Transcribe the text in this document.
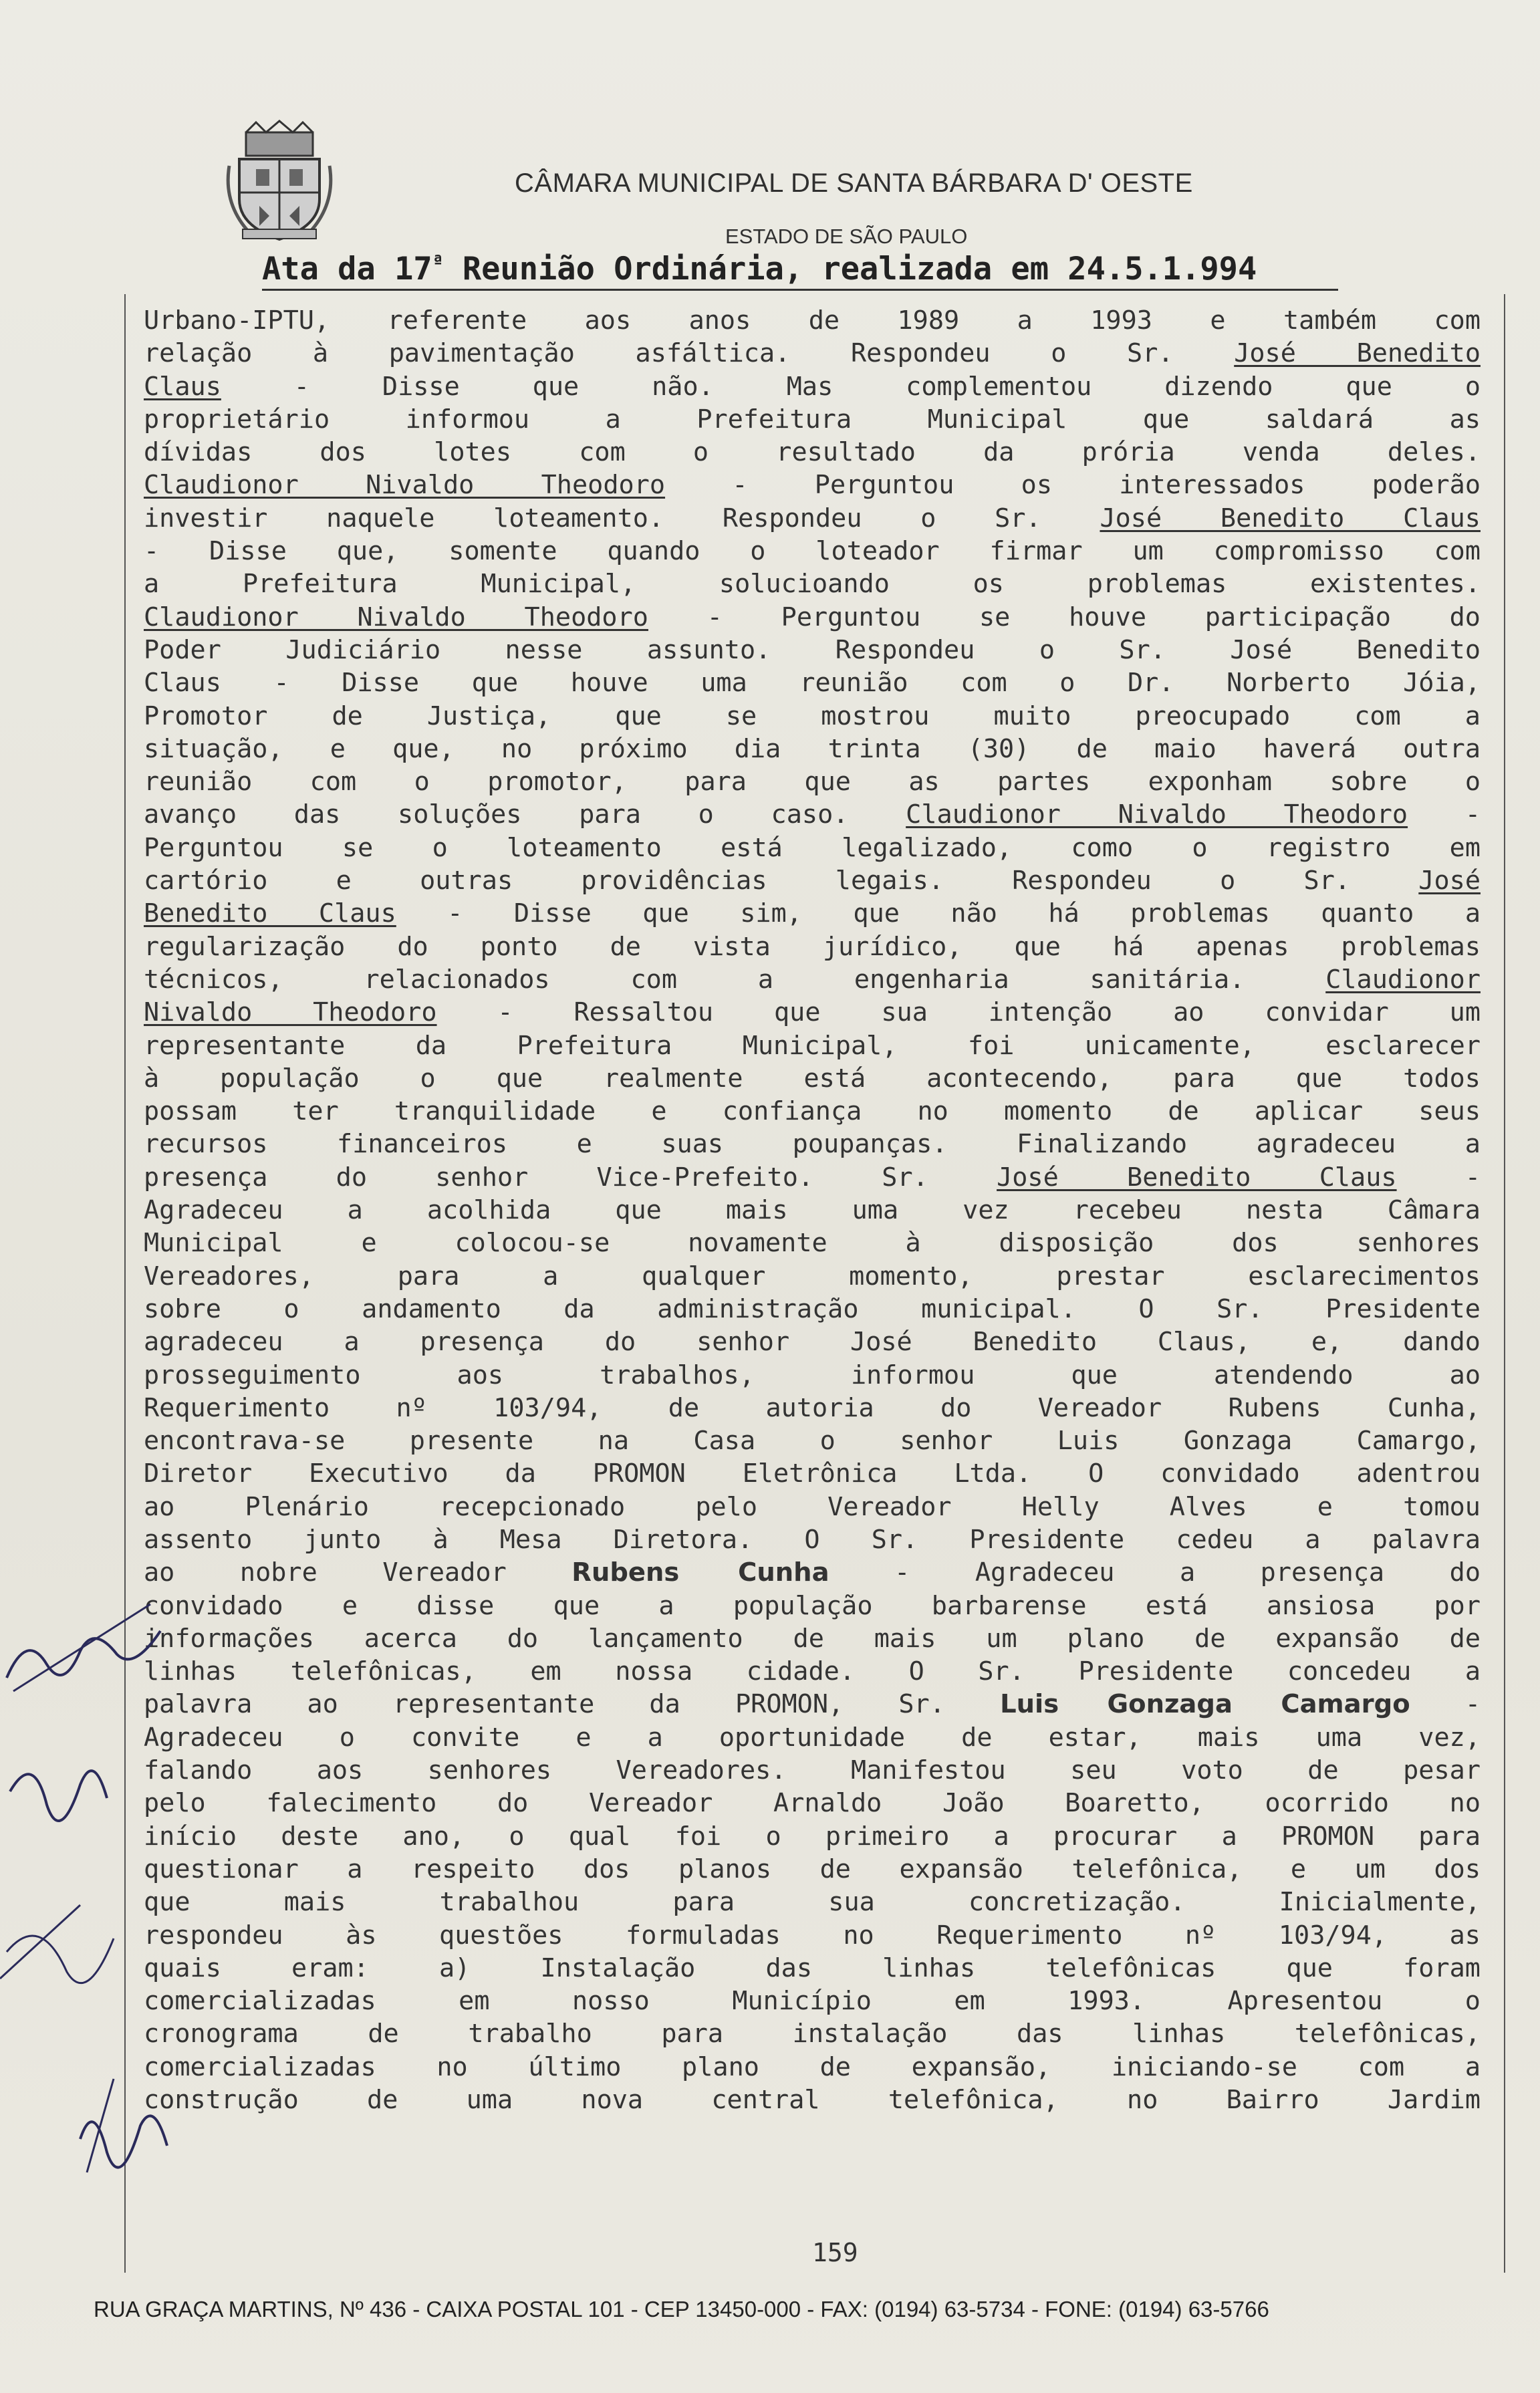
CÂMARA MUNICIPAL DE SANTA BÁRBARA D' OESTE
ESTADO DE SÃO PAULO
Ata da $17^ª$ Reunião Ordinária, realizada em 24.5.1.994
Urbano-IPTU, referente aos anos de 1989 a 1993 e também com
relação à pavimentação asfáltica. Respondeu o Sr. José Benedito
Claus - Disse que não. Mas complementou dizendo que o
proprietário informou a Prefeitura Municipal que saldará as
dívidas dos lotes com o resultado da prória venda deles.
Claudionor Nivaldo Theodoro - Perguntou os interessados poderão
investir naquele loteamento. Respondeu o Sr. José Benedito Claus
- Disse que, somente quando o loteador firmar um compromisso com
a Prefeitura Municipal, solucioando os problemas existentes.
Claudionor Nivaldo Theodoro - Perguntou se houve participação do
Poder Judiciário nesse assunto. Respondeu o Sr. José Benedito
Claus - Disse que houve uma reunião com o Dr. Norberto Jóia,
Promotor de Justiça, que se mostrou muito preocupado com a
situação, e que, no próximo dia trinta (30) de maio haverá outra
reunião com o promotor, para que as partes exponham sobre o
avanço das soluções para o caso. Claudionor Nivaldo Theodoro -
Perguntou se o loteamento está legalizado, como o registro em
cartório e outras providências legais. Respondeu o Sr. José
Benedito Claus - Disse que sim, que não há problemas quanto a
regularização do ponto de vista jurídico, que há apenas problemas
técnicos, relacionados com a engenharia sanitária. Claudionor
Nivaldo Theodoro - Ressaltou que sua intenção ao convidar um
representante da Prefeitura Municipal, foi unicamente, esclarecer
à população o que realmente está acontecendo, para que todos
possam ter tranquilidade e confiança no momento de aplicar seus
recursos financeiros e suas poupanças. Finalizando agradeceu a
presença do senhor Vice-Prefeito. Sr. José Benedito Claus -
Agradeceu a acolhida que mais uma vez recebeu nesta Câmara
Municipal e colocou-se novamente à disposição dos senhores
Vereadores, para a qualquer momento, prestar esclarecimentos
sobre o andamento da administração municipal. O Sr. Presidente
agradeceu a presença do senhor José Benedito Claus, e, dando
prosseguimento aos trabalhos, informou que atendendo ao
Requerimento nº 103/94, de autoria do Vereador Rubens Cunha,
encontrava-se presente na Casa o senhor Luis Gonzaga Camargo,
Diretor Executivo da PROMON Eletrônica Ltda. O convidado adentrou
ao Plenário recepcionado pelo Vereador Helly Alves e tomou
assento junto à Mesa Diretora. O Sr. Presidente cedeu a palavra
ao nobre Vereador Rubens Cunha - Agradeceu a presença do
convidado e disse que a população barbarense está ansiosa por
informações acerca do lançamento de mais um plano de expansão de
linhas telefônicas, em nossa cidade. O Sr. Presidente concedeu a
palavra ao representante da PROMON, Sr. Luis Gonzaga Camargo -
Agradeceu o convite e a oportunidade de estar, mais uma vez,
falando aos senhores Vereadores. Manifestou seu voto de pesar
pelo falecimento do Vereador Arnaldo João Boaretto, ocorrido no
início deste ano, o qual foi o primeiro a procurar a PROMON para
questionar a respeito dos planos de expansão telefônica, e um dos
que mais trabalhou para sua concretização. Inicialmente,
respondeu às questões formuladas no Requerimento nº 103/94, as
quais eram: a) Instalação das linhas telefônicas que foram
comercializadas em nosso Município em 1993. Apresentou o
cronograma de trabalho para instalação das linhas telefônicas,
comercializadas no último plano de expansão, iniciando-se com a
construção de uma nova central telefônica, no Bairro Jardim
159
RUA GRAÇA MARTINS, Nº 436 - CAIXA POSTAL 101 - CEP 13450-000 - FAX: (0194) 63-5734 - FONE: (0194) 63-5766
